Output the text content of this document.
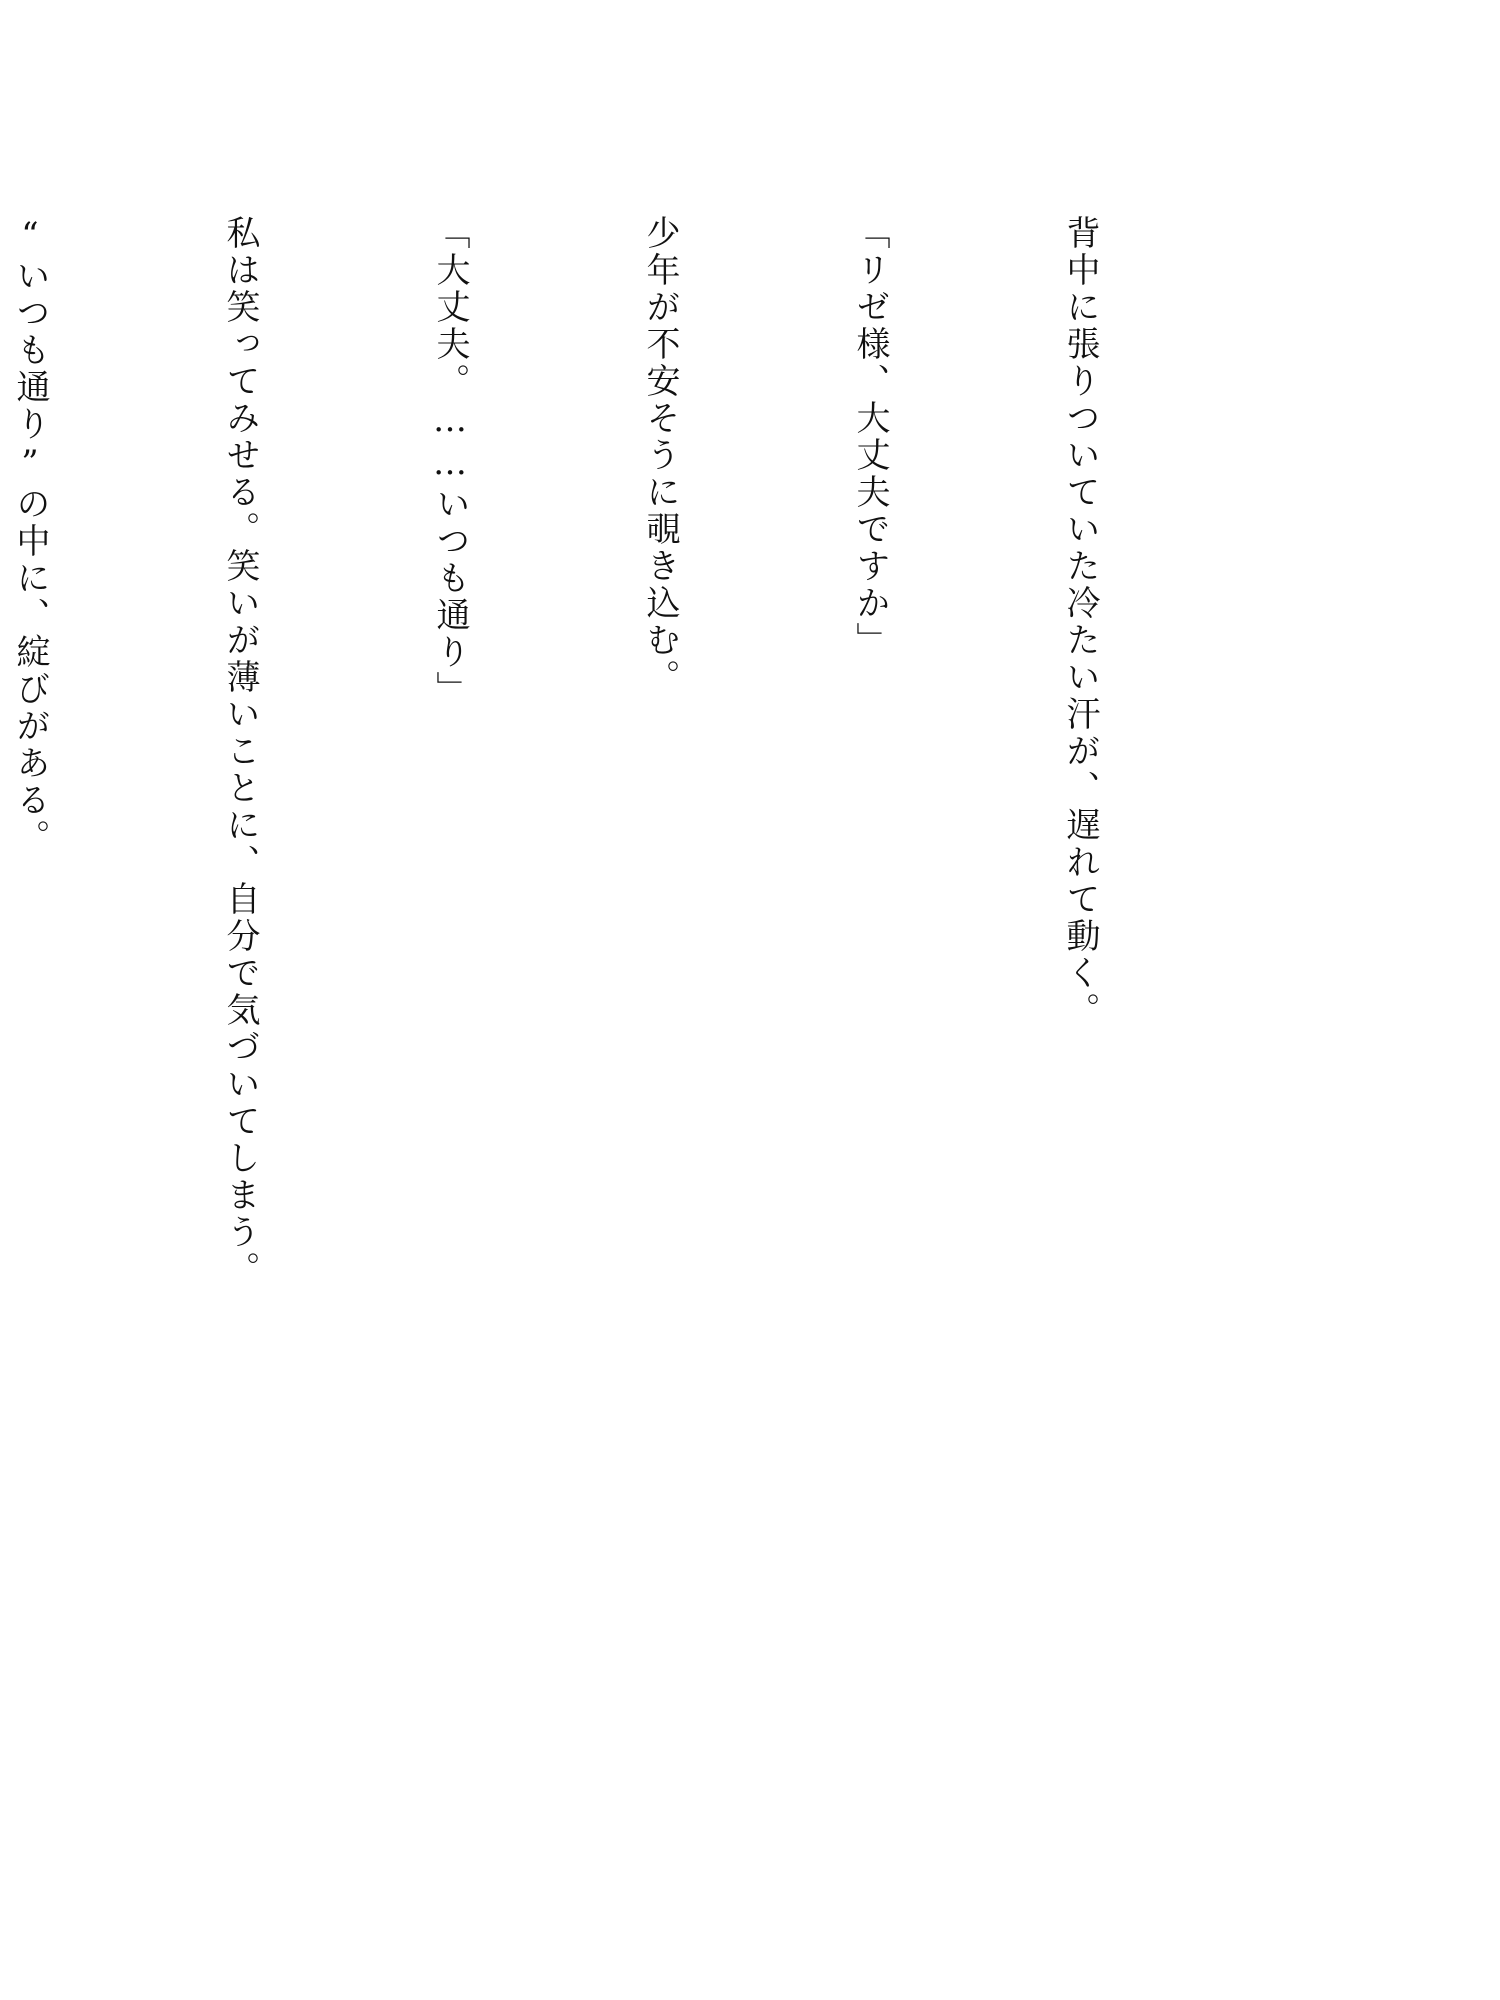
背中に張りついていた冷たい汗が、遅れて動く。

「リゼ様、大丈夫ですか」

少年が不安そうに覗き込む。

「大丈夫。……いつも通り」

私は笑ってみせる。笑いが薄いことに、自分で気づいてしまう。

“いつも通り”の中に、綻びがある。
